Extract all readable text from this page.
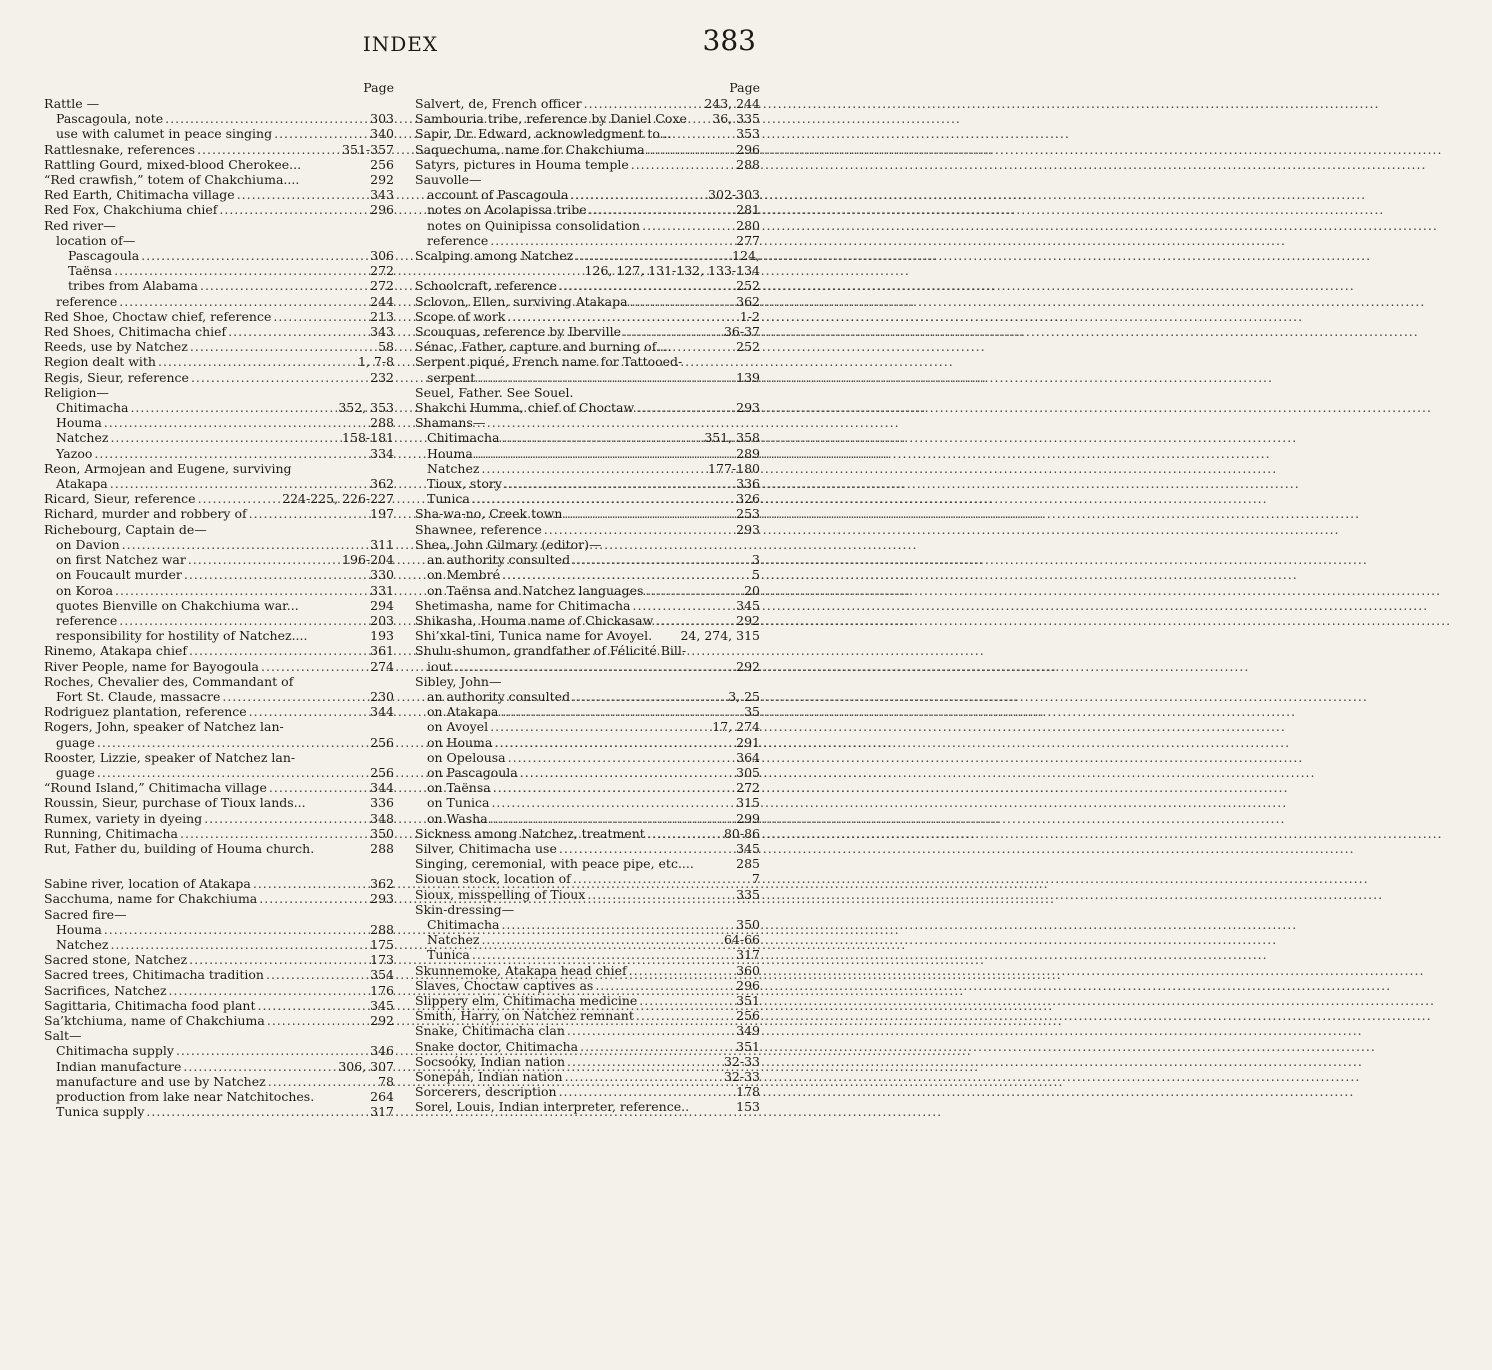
INDEX	383
Page
Rattle —
Pascagoula, note .....	303
use with calumet in peace singing .....	340
Rattlesnake, references .....	351-357
Rattling Gourd, mixed-blood Cherokee...	256
“Red crawfish,” totem of Chakchiuma....	292
Red Earth, Chitimacha village .....	343
Red Fox, Chakchiuma chief .....	296
Red river—
location of—
Pascagoula .....	306
Taënsa .....	272
tribes from Alabama .....	272
reference .....	244
Red Shoe, Choctaw chief, reference .....	213
Red Shoes, Chitimacha chief .....	343
Reeds, use by Natchez .....	58
Region dealt with .....	1, 7-8
Regis, Sieur, reference .....	232
Religion—
Chitimacha .....	352, 353
Houma .....	288
Natchez .....	158-181
Yazoo .....	334
Reon, Armojean and Eugene, surviving
Atakapa .....	362
Ricard, Sieur, reference .....	224-225, 226-227
Richard, murder and robbery of .....	197
Richebourg, Captain de—
on Davion .....	311
on first Natchez war .....	196-204
on Foucault murder .....	330
on Koroa .....	331
quotes Bienville on Chakchiuma war...	294
reference .....	203
responsibility for hostility of Natchez....	193
Rinemo, Atakapa chief .....	361
River People, name for Bayogoula .....	274
Roches, Chevalier des, Commandant of
Fort St. Claude, massacre .....	230
Rodriguez plantation, reference .....	344
Rogers, John, speaker of Natchez lan-
guage .....	256
Rooster, Lizzie, speaker of Natchez lan-
guage .....	256
“Round Island,” Chitimacha village .....	344
Roussin, Sieur, purchase of Tioux lands...	336
Rumex, variety in dyeing .....	348
Running, Chitimacha .....	350
Rut, Father du, building of Houma church.	288
Sabine river, location of Atakapa .....	362
Sacchuma, name for Chakchiuma .....	293
Sacred fire—
Houma .....	288
Natchez .....	175
Sacred stone, Natchez .....	173
Sacred trees, Chitimacha tradition .....	354
Sacrifices, Natchez .....	176
Sagittaria, Chitimacha food plant .....	345
Sa’ktchiuma, name of Chakchiuma .....	292
Salt—
Chitimacha supply .....	346
Indian manufacture .....	306, 307
manufacture and use by Natchez .....	78
production from lake near Natchitoches.	264
Tunica supply .....	317
Page
Salvert, de, French officer .....	243, 244
Sambouria tribe, reference by Daniel Coxe 36, 335
Sapir, Dr. Edward, acknowledgment to...	353
Saquechuma, name for Chakchiuma .....	296
Satyrs, pictures in Houma temple .....	288
Sauvolle—
account of Pascagoula .....	302-303
notes on Acolapissa tribe .....	281
notes on Quinipissa consolidation .....	280
reference .....	277
Scalping among Natchez .....	124,
126, 127, 131-132, 133-134
Schoolcraft, reference .....	252
Sclovon, Ellen, surviving Atakapa .....	362
Scope of work .....	1-2
Scouquas, reference by Iberville .....	36-37
Sénac, Father, capture and burning of....	252
Serpent piqué, French name for Tattooed-
serpent .....	139
Seuel, Father. See Souel.
Shakchi Humma, chief of Choctaw .....	293
Shamans—
Chitimacha .....	351, 358
Houma .....	289
Natchez .....	177-180
Tioux, story .....	336
Tunica .....	326
Sha-wa-no, Creek town .....	253
Shawnee, reference .....	293
Shea, John Gilmary (editor)—
an authority consulted .....	3
on Membré .....	5
on Taënsa and Natchez languages .....	20
Shetimasha, name for Chitimacha .....	345
Shikasha, Houma name of Chickasaw .....	292
Shi’xkal-tīni, Tunica name for Avoyel. 24, 274, 315
Shulu-shumon, grandfather of Félicité Bill-
iout .....	292
Sibley, John—
an authority consulted .....	3, 25
on Atakapa .....	35
on Avoyel .....	17, 274
on Houma .....	291
on Opelousa .....	364
on Pascagoula .....	305
on Taënsa .....	272
on Tunica .....	315
on Washa .....	299
Sickness among Natchez, treatment .....	80-86
Silver, Chitimacha use .....	345
Singing, ceremonial, with peace pipe, etc....	285
Siouan stock, location of .....	7
Sioux, misspelling of Tioux .....	335
Skin-dressing—
Chitimacha .....	350
Natchez .....	64-66
Tunica .....	317
Skunnemoke, Atakapa head chief .....	360
Slaves, Choctaw captives as .....	296
Slippery elm, Chitimacha medicine .....	351
Smith, Harry, on Natchez remnant .....	256
Snake, Chitimacha clan .....	349
Snake doctor, Chitimacha .....	351
Socsoóky, Indian nation .....	32-33
Sonepáh, Indian nation .....	32-33
Sorcerers, description .....	178
Sorel, Louis, Indian interpreter, reference..	153
